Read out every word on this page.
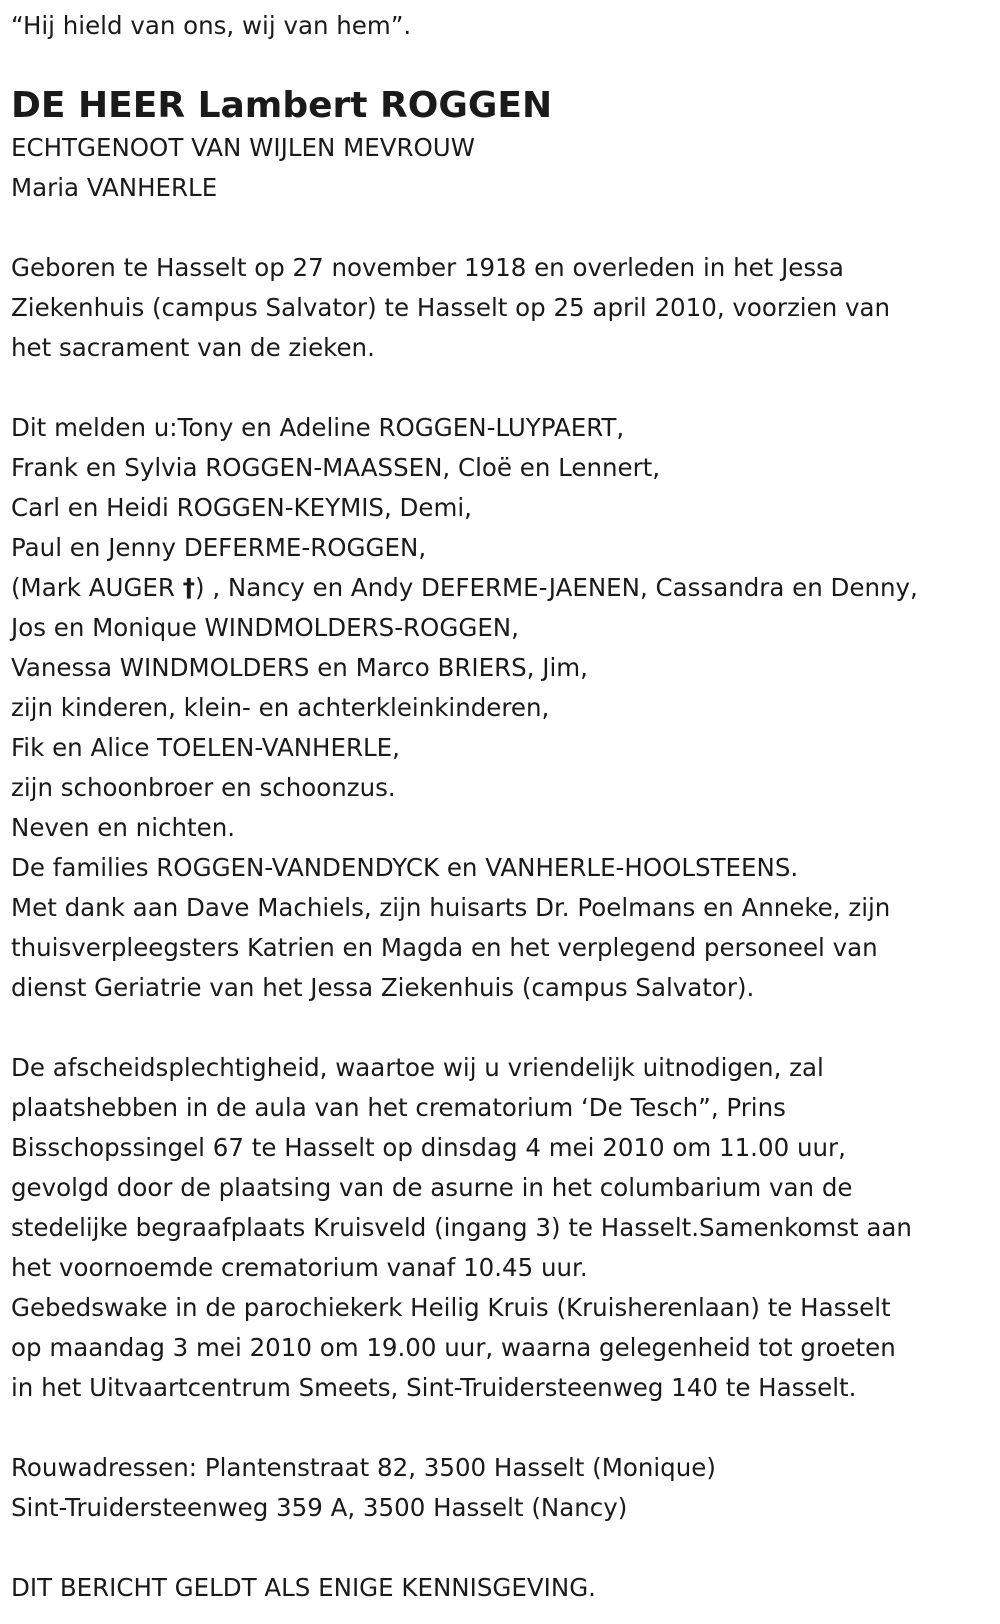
“Hij hield van ons, wij van hem”.
DE HEER Lambert ROGGEN
ECHTGENOOT VAN WIJLEN MEVROUW
Maria VANHERLE
Geboren te Hasselt op 27 november 1918 en overleden in het Jessa
Ziekenhuis (campus Salvator) te Hasselt op 25 april 2010, voorzien van
het sacrament van de zieken.
Dit melden u:Tony en Adeline ROGGEN-LUYPAERT,
Frank en Sylvia ROGGEN-MAASSEN, Cloë en Lennert,
Carl en Heidi ROGGEN-KEYMIS, Demi,
Paul en Jenny DEFERME-ROGGEN,
(Mark AUGER †) , Nancy en Andy DEFERME-JAENEN, Cassandra en Denny,
Jos en Monique WINDMOLDERS-ROGGEN,
Vanessa WINDMOLDERS en Marco BRIERS, Jim,
zijn kinderen, klein- en achterkleinkinderen,
Fik en Alice TOELEN-VANHERLE,
zijn schoonbroer en schoonzus.
Neven en nichten.
De families ROGGEN-VANDENDYCK en VANHERLE-HOOLSTEENS.
Met dank aan Dave Machiels, zijn huisarts Dr. Poelmans en Anneke, zijn
thuisverpleegsters Katrien en Magda en het verplegend personeel van
dienst Geriatrie van het Jessa Ziekenhuis (campus Salvator).
De afscheidsplechtigheid, waartoe wij u vriendelijk uitnodigen, zal
plaatshebben in de aula van het crematorium ‘De Tesch”, Prins
Bisschopssingel 67 te Hasselt op dinsdag 4 mei 2010 om 11.00 uur,
gevolgd door de plaatsing van de asurne in het columbarium van de
stedelijke begraafplaats Kruisveld (ingang 3) te Hasselt.Samenkomst aan
het voornoemde crematorium vanaf 10.45 uur.
Gebedswake in de parochiekerk Heilig Kruis (Kruisherenlaan) te Hasselt
op maandag 3 mei 2010 om 19.00 uur, waarna gelegenheid tot groeten
in het Uitvaartcentrum Smeets, Sint-Truidersteenweg 140 te Hasselt.
Rouwadressen: Plantenstraat 82, 3500 Hasselt (Monique)
Sint-Truidersteenweg 359 A, 3500 Hasselt (Nancy)
DIT BERICHT GELDT ALS ENIGE KENNISGEVING.
